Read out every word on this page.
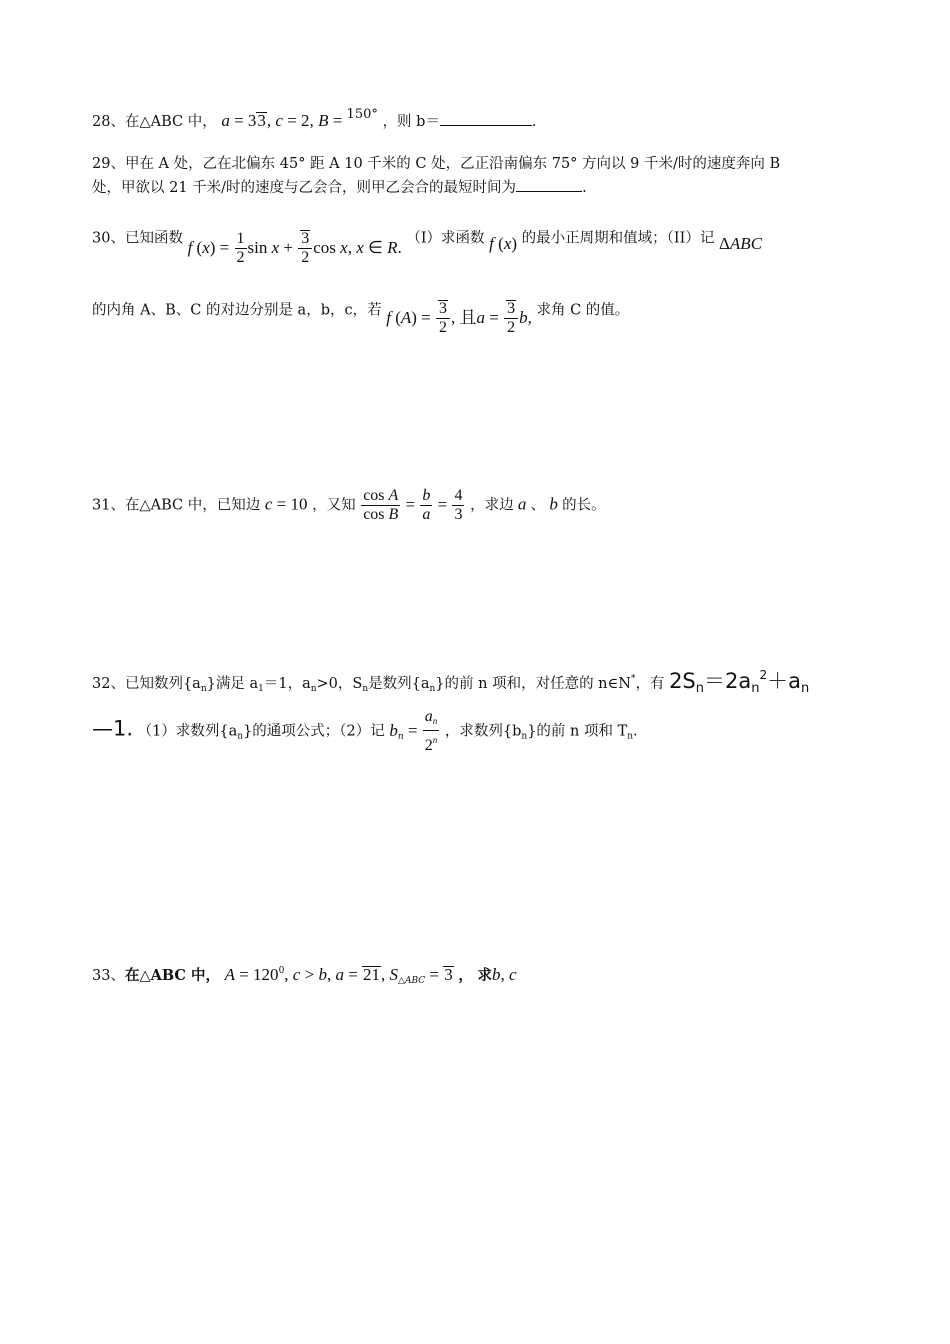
28、在△ABC 中， a = 33, c = 2, B = 150° ，则 b＝	.
29、甲在 A 处，乙在北偏东 45° 距 A 10 千米的 C 处，乙正沿南偏东 75° 方向以 9 千米/时的速度奔向 B
处，甲欲以 21 千米/时的速度与乙会合，则甲乙会合的最短时间为	.
30、已知函数 f $(x) = \frac{1}{2}$ $\sin x + \frac{3}{2}$ cos x, x ∈ R. （I）求函数 f (x) 的最小正周期和值域；（II）记 ΔABC
的内角 A、B、C 的对边分别是 a，b，c，若 f $(A) = \frac{3}{2}$ , 且$a = \frac{3}{2} b$, 求角 C 的值。
31、在△ABC 中，已知边 c = 10 ，又知 $\frac{\text{cos A}}{\text{cos B}} = \frac{b}{a} = \frac{4}{3}$ ，求边 a 、 b 的长。
32、已知数列$\{a_n\}$满足 $a_1=1$，$a_n>0$，$S_n$是数列$\{a_n\}$的前 n 项和，对任意的 n∈N*，有 $2Sn=2an^2+an$
—1. （1）求数列$\{a_n\}$的通项公式；（2）记 $b_n = \frac{a_n}{2^n}$ ，求数列$\{b_n\}$的前 n 项和 $T_n$.
33、在△ABC 中， $A = 120^0$, c > b, a = 21, $S_{\triangle ABC} = 3$ ， 求b, c
